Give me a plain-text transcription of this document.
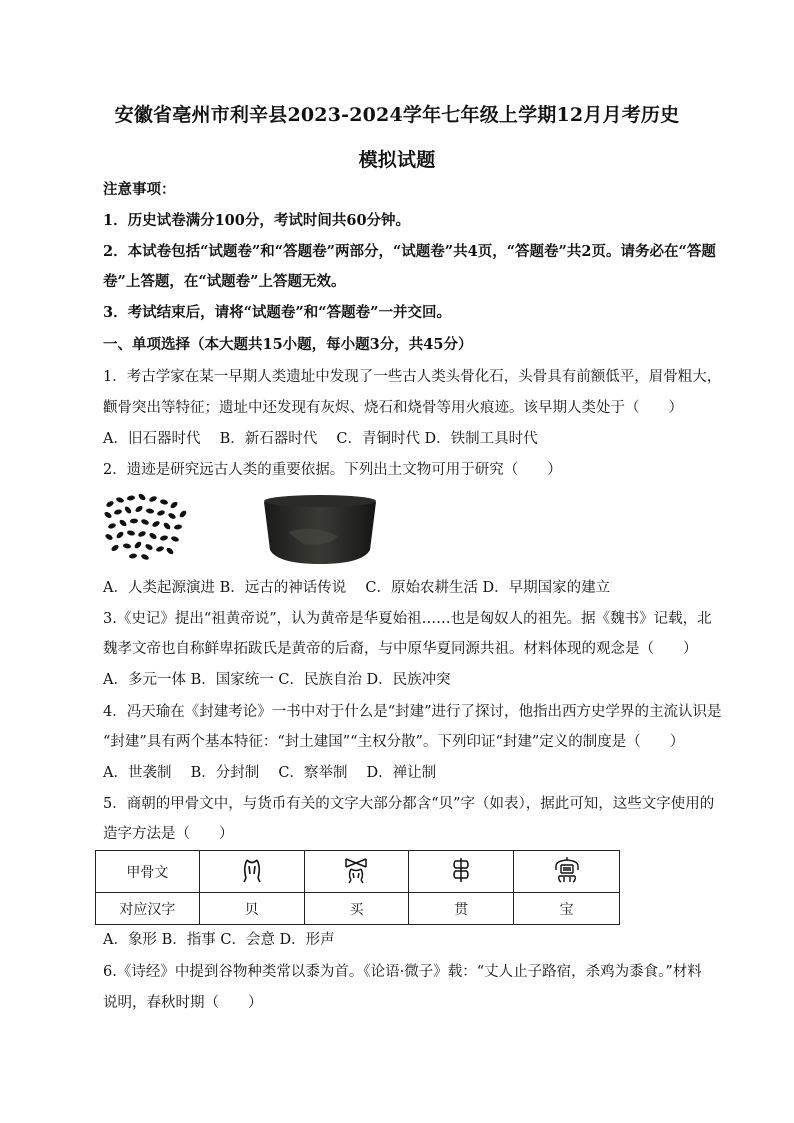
安徽省亳州市利辛县2023-2024学年七年级上学期12月月考历史
模拟试题
注意事项：
1．历史试卷满分100分，考试时间共60分钟。
2．本试卷包括“试题卷”和“答题卷”两部分，“试题卷”共4页，“答题卷”共2页。请务必在“答题
卷”上答题，在“试题卷”上答题无效。
3．考试结束后，请将“试题卷”和“答题卷”一并交回。
一、单项选择（本大题共15小题，每小题3分，共45分）
1．考古学家在某一早期人类遗址中发现了一些古人类头骨化石，头骨具有前额低平，眉骨粗大，
颧骨突出等特征；遗址中还发现有灰烬、烧石和烧骨等用火痕迹。该早期人类处于（　　）
A．旧石器时代　 B．新石器时代　 C．青铜时代 D．铁制工具时代
2．遗迹是研究远古人类的重要依据。下列出土文物可用于研究（　　）
A．人类起源演进 B．远古的神话传说　 C．原始农耕生活 D．早期国家的建立
3.《史记》提出“祖黄帝说”，认为黄帝是华夏始祖……也是匈奴人的祖先。据《魏书》记载，北
魏孝文帝也自称鲜卑拓跋氏是黄帝的后裔，与中原华夏同源共祖。材料体现的观念是（　　）
A．多元一体 B．国家统一 C．民族自治 D．民族冲突
4．冯天瑜在《封建考论》一书中对于什么是“封建”进行了探讨，他指出西方史学界的主流认识是
“封建”具有两个基本特征：“封土建国”“主权分散”。下列印证“封建”定义的制度是（　　）
A．世袭制　 B．分封制　 C．察举制　 D．禅让制
5．商朝的甲骨文中，与货币有关的文字大部分都含“贝”字（如表），据此可知，这些文字使用的
造字方法是（　　）
甲骨文				
对应汉字	贝	买	贯	宝
A．象形 B．指事 C．会意 D．形声
6.《诗经》中提到谷物种类常以黍为首。《论语·微子》载：“丈人止子路宿，杀鸡为黍食。”材料
说明，春秋时期（　　）
